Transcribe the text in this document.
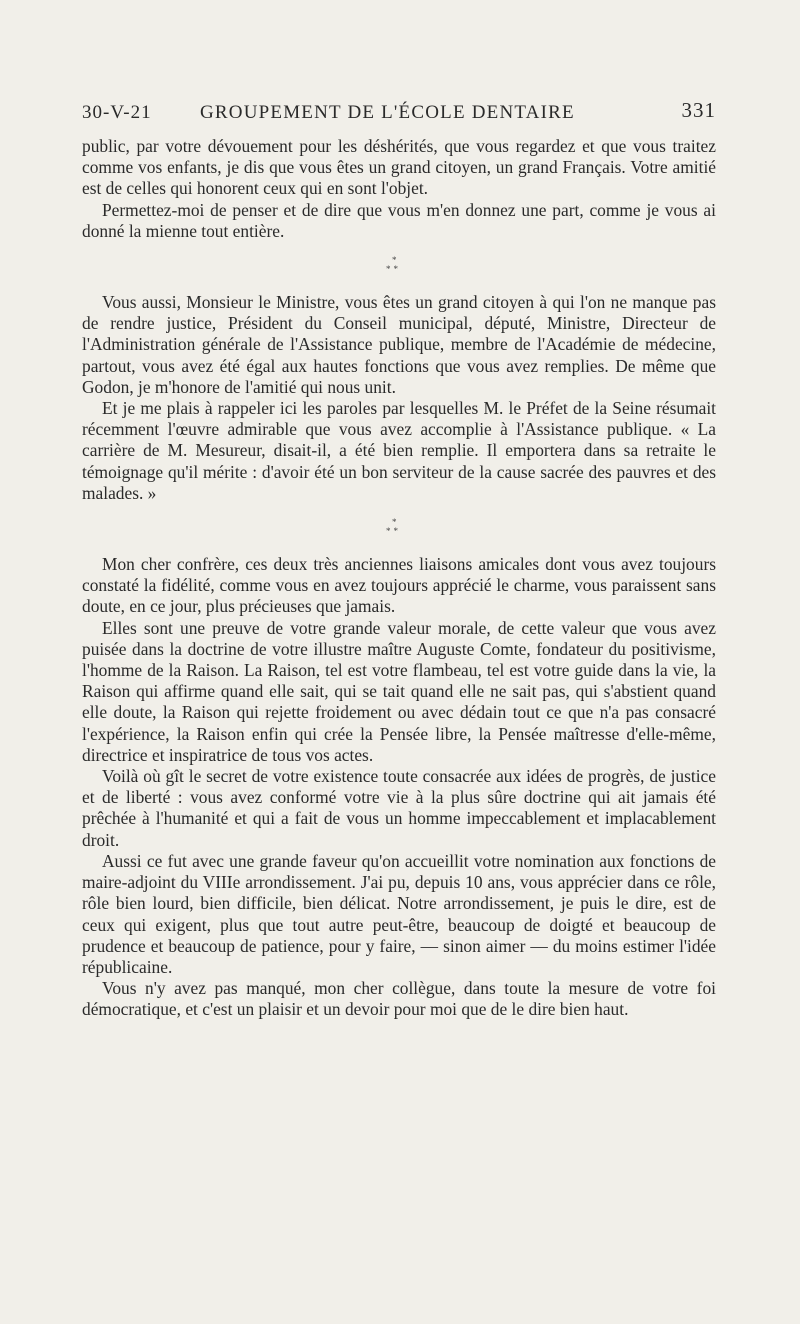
30-V-21	GROUPEMENT DE L'ÉCOLE DENTAIRE	331

public, par votre dévouement pour les déshérités, que vous regardez et que vous traitez comme vos enfants, je dis que vous êtes un grand citoyen, un grand Français. Votre amitié est de celles qui honorent ceux qui en sont l'objet.

Permettez-moi de penser et de dire que vous m'en donnez une part, comme je vous ai donné la mienne tout entière.

*
**

Vous aussi, Monsieur le Ministre, vous êtes un grand citoyen à qui l'on ne manque pas de rendre justice, Président du Conseil municipal, député, Ministre, Directeur de l'Administration générale de l'Assistance publique, membre de l'Académie de médecine, partout, vous avez été égal aux hautes fonctions que vous avez remplies. De même que Godon, je m'honore de l'amitié qui nous unit.

Et je me plais à rappeler ici les paroles par lesquelles M. le Préfet de la Seine résumait récemment l'œuvre admirable que vous avez accomplie à l'Assistance publique. « La carrière de M. Mesureur, disait-il, a été bien remplie. Il emportera dans sa retraite le témoignage qu'il mérite : d'avoir été un bon serviteur de la cause sacrée des pauvres et des malades. »

*
**

Mon cher confrère, ces deux très anciennes liaisons amicales dont vous avez toujours constaté la fidélité, comme vous en avez toujours apprécié le charme, vous paraissent sans doute, en ce jour, plus précieuses que jamais.

Elles sont une preuve de votre grande valeur morale, de cette valeur que vous avez puisée dans la doctrine de votre illustre maître Auguste Comte, fondateur du positivisme, l'homme de la Raison. La Raison, tel est votre flambeau, tel est votre guide dans la vie, la Raison qui affirme quand elle sait, qui se tait quand elle ne sait pas, qui s'abstient quand elle doute, la Raison qui rejette froidement ou avec dédain tout ce que n'a pas consacré l'expérience, la Raison enfin qui crée la Pensée libre, la Pensée maîtresse d'elle-même, directrice et inspiratrice de tous vos actes.

Voilà où gît le secret de votre existence toute consacrée aux idées de progrès, de justice et de liberté : vous avez conformé votre vie à la plus sûre doctrine qui ait jamais été prêchée à l'humanité et qui a fait de vous un homme impeccablement et implacablement droit.

Aussi ce fut avec une grande faveur qu'on accueillit votre nomination aux fonctions de maire-adjoint du VIIIe arrondissement. J'ai pu, depuis 10 ans, vous apprécier dans ce rôle, rôle bien lourd, bien difficile, bien délicat. Notre arrondissement, je puis le dire, est de ceux qui exigent, plus que tout autre peut-être, beaucoup de doigté et beaucoup de prudence et beaucoup de patience, pour y faire, — sinon aimer — du moins estimer l'idée républicaine.

Vous n'y avez pas manqué, mon cher collègue, dans toute la mesure de votre foi démocratique, et c'est un plaisir et un devoir pour moi que de le dire bien haut.
